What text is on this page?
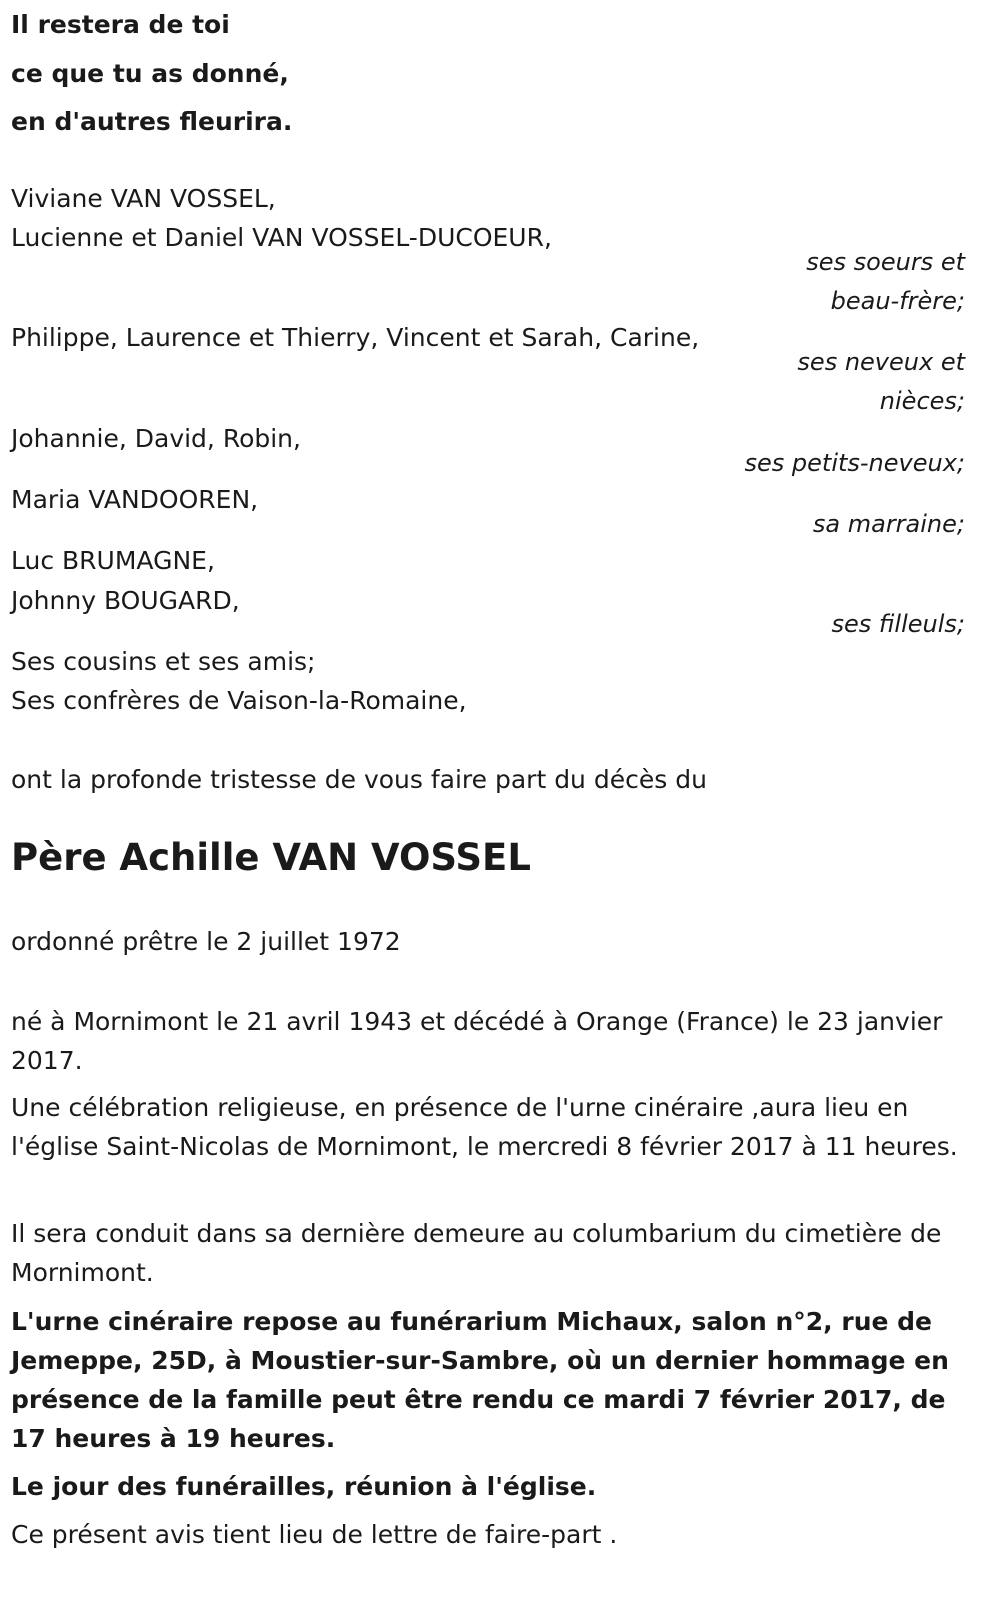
Il restera de toi

ce que tu as donné,

en d'autres fleurira.

Viviane VAN VOSSEL,

Lucienne et Daniel VAN VOSSEL-DUCOEUR,

ses soeurs et

beau-frère;

Philippe, Laurence et Thierry, Vincent et Sarah, Carine,

ses neveux et

nièces;

Johannie, David, Robin,

ses petits-neveux;

Maria VANDOOREN,

sa marraine;

Luc BRUMAGNE,

Johnny BOUGARD,

ses filleuls;

Ses cousins et ses amis;

Ses confrères de Vaison-la-Romaine,

ont la profonde tristesse de vous faire part du décès du

Père Achille VAN VOSSEL

ordonné prêtre le 2 juillet 1972

né à Mornimont le 21 avril 1943 et décédé à Orange (France) le 23 janvier 2017.

Une célébration religieuse, en présence de l'urne cinéraire ,aura lieu en l'église Saint-Nicolas de Mornimont, le mercredi 8 février 2017 à 11 heures.

Il sera conduit dans sa dernière demeure au columbarium du cimetière de Mornimont.

L'urne cinéraire repose au funérarium Michaux, salon n°2, rue de Jemeppe, 25D, à Moustier-sur-Sambre, où un dernier hommage en présence de la famille peut être rendu ce mardi 7 février 2017, de 17 heures à 19 heures.

Le jour des funérailles, réunion à l'église.

Ce présent avis tient lieu de lettre de faire-part .
